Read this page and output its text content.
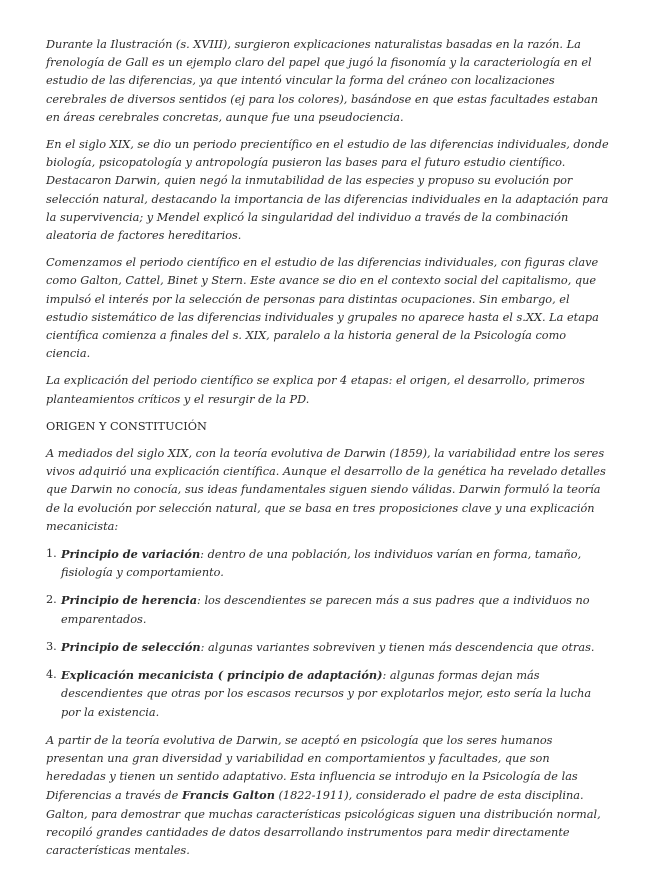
Durante la Ilustración (s. XVIII), surgieron explicaciones naturalistas basadas en la razón. La frenología de Gall es un ejemplo claro del papel que jugó la fisonomía y la caracteriología en el estudio de las diferencias, ya que intentó vincular la forma del cráneo con localizaciones cerebrales de diversos sentidos (ej para los colores), basándose en que estas facultades estaban en áreas cerebrales concretas, aunque fue una pseudociencia.

En el siglo XIX, se dio un periodo precientífico en el estudio de las diferencias individuales, donde biología, psicopatología y antropología pusieron las bases para el futuro estudio científico. Destacaron Darwin, quien negó la inmutabilidad de las especies y propuso su evolución por selección natural, destacando la importancia de las diferencias individuales en la adaptación para la supervivencia; y Mendel explicó la singularidad del individuo a través de la combinación aleatoria de factores hereditarios.

Comenzamos el periodo científico en el estudio de las diferencias individuales, con figuras clave como Galton, Cattel, Binet y Stern. Este avance se dio en el contexto social del capitalismo, que impulsó el interés por la selección de personas para distintas ocupaciones. Sin embargo, el estudio sistemático de las diferencias individuales y grupales no aparece hasta el s.XX. La etapa científica comienza a finales del s. XIX, paralelo a la historia general de la Psicología como ciencia.

La explicación del periodo científico se explica por 4 etapas: el origen, el desarrollo, primeros planteamientos críticos y el resurgir de la PD.

ORIGEN Y CONSTITUCIÓN

A mediados del siglo XIX, con la teoría evolutiva de Darwin (1859), la variabilidad entre los seres vivos adquirió una explicación científica. Aunque el desarrollo de la genética ha revelado detalles que Darwin no conocía, sus ideas fundamentales siguen siendo válidas. Darwin formuló la teoría de la evolución por selección natural, que se basa en tres proposiciones clave y una explicación mecanicista:

1. Principio de variación: dentro de una población, los individuos varían en forma, tamaño, fisiología y comportamiento.
2. Principio de herencia: los descendientes se parecen más a sus padres que a individuos no emparentados.
3. Principio de selección: algunas variantes sobreviven y tienen más descendencia que otras.
4. Explicación mecanicista ( principio de adaptación): algunas formas dejan más descendientes que otras por los escasos recursos y por explotarlos mejor, esto sería la lucha por la existencia.

A partir de la teoría evolutiva de Darwin, se aceptó en psicología que los seres humanos presentan una gran diversidad y variabilidad en comportamientos y facultades, que son heredadas y tienen un sentido adaptativo. Esta influencia se introdujo en la Psicología de las Diferencias a través de Francis Galton (1822-1911), considerado el padre de esta disciplina. Galton, para demostrar que muchas características psicológicas siguen una distribución normal, recopiló grandes cantidades de datos desarrollando instrumentos para medir directamente características mentales.
